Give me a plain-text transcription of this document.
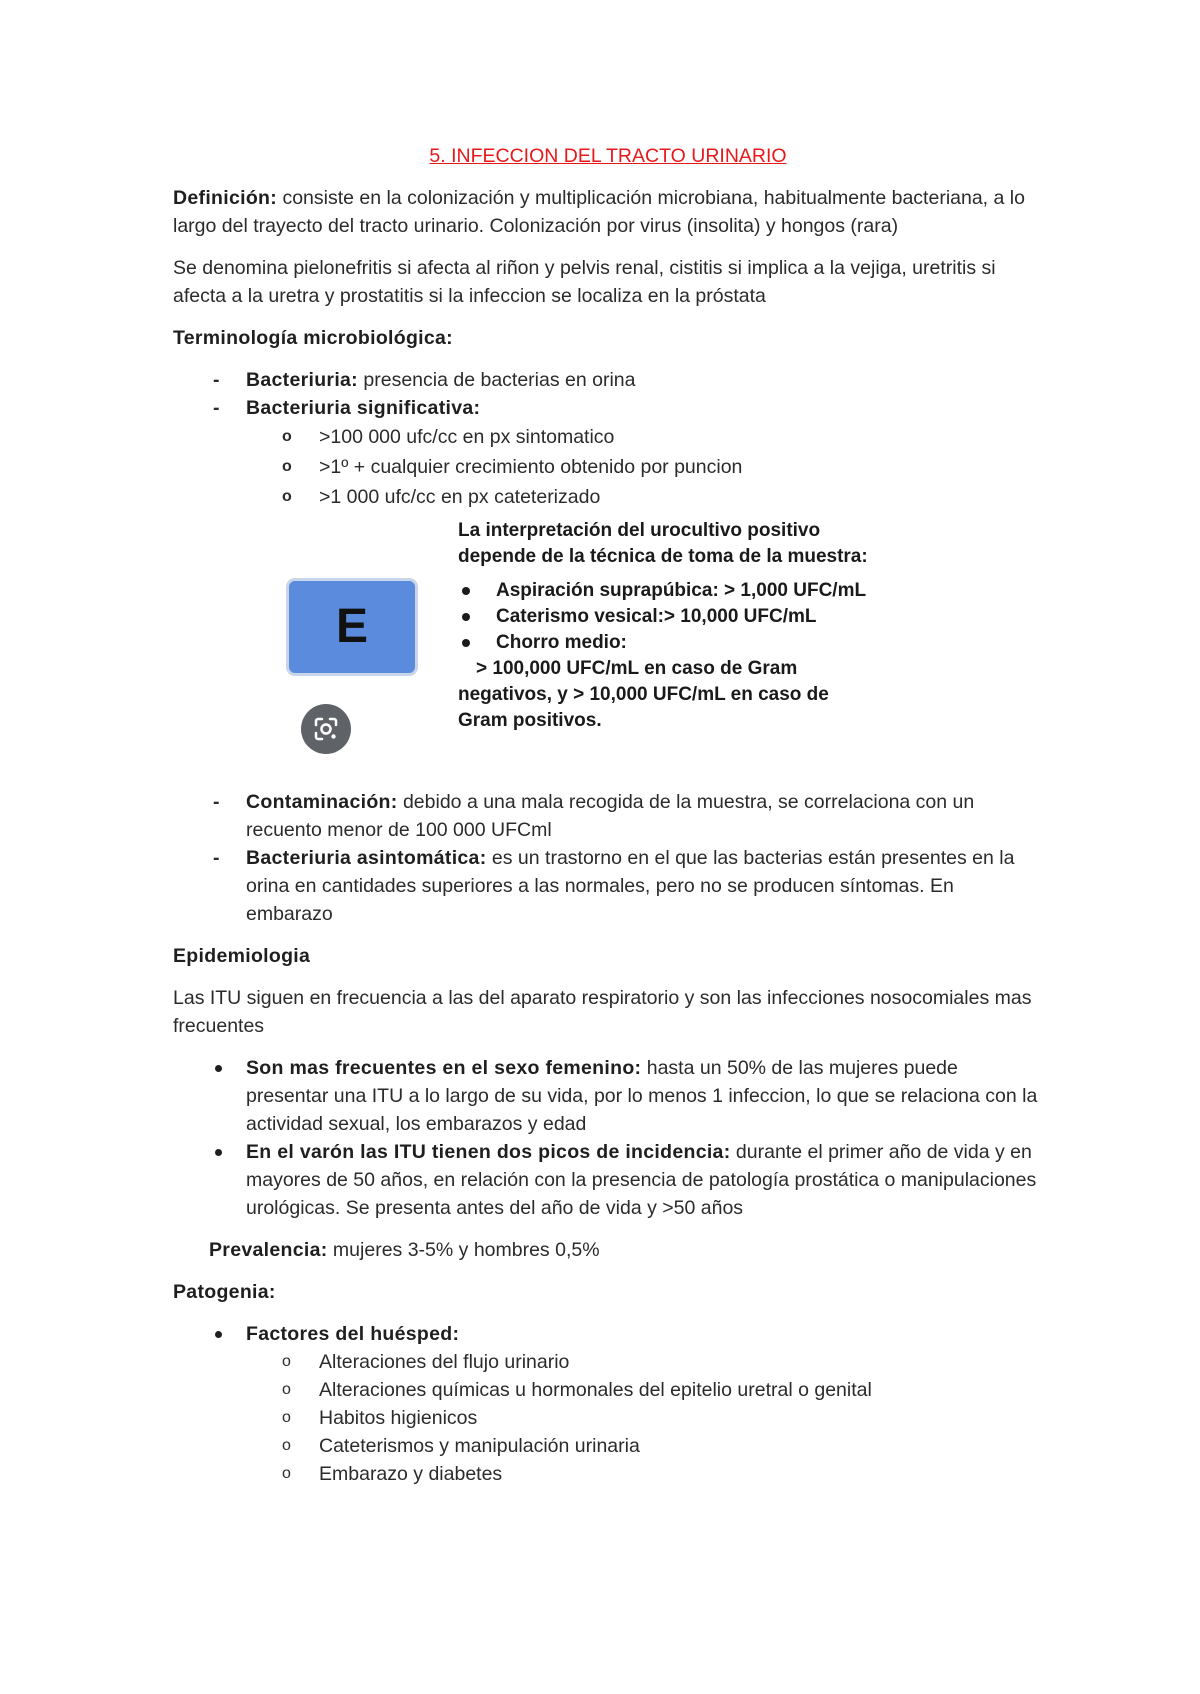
5. INFECCION DEL TRACTO URINARIO

Definición: consiste en la colonización y multiplicación microbiana, habitualmente bacteriana, a lo largo del trayecto del tracto urinario. Colonización por virus (insolita) y hongos (rara)

Se denomina pielonefritis si afecta al riñon y pelvis renal, cistitis si implica a la vejiga, uretritis si afecta a la uretra y prostatitis si la infeccion se localiza en la próstata

Terminología microbiológica:
- Bacteriuria: presencia de bacterias en orina
- Bacteriuria significativa:
o >100 000 ufc/cc en px sintomatico
o >1º + cualquier crecimiento obtenido por puncion
o >1 000 ufc/cc en px cateterizado
E
La interpretación del urocultivo positivo
depende de la técnica de toma de la muestra:
Aspiración suprapúbica: > 1,000 UFC/mL
Caterismo vesical:> 10,000 UFC/mL
Chorro medio:
> 100,000 UFC/mL en caso de Gram
negativos, y > 10,000 UFC/mL en caso de
Gram positivos.
- Contaminación: debido a una mala recogida de la muestra, se correlaciona con un recuento menor de 100 000 UFCml
- Bacteriuria asintomática: es un trastorno en el que las bacterias están presentes en la orina en cantidades superiores a las normales, pero no se producen síntomas. En embarazo
Epidemiologia

Las ITU siguen en frecuencia a las del aparato respiratorio y son las infecciones nosocomiales mas frecuentes

Son mas frecuentes en el sexo femenino: hasta un 50% de las mujeres puede presentar una ITU a lo largo de su vida, por lo menos 1 infeccion, lo que se relaciona con la actividad sexual, los embarazos y edad
En el varón las ITU tienen dos picos de incidencia: durante el primer año de vida y en mayores de 50 años, en relación con la presencia de patología prostática o manipulaciones urológicas. Se presenta antes del año de vida y >50 años

Prevalencia: mujeres 3-5% y hombres 0,5%

Patogenia:
Factores del huésped:
o Alteraciones del flujo urinario
o Alteraciones químicas u hormonales del epitelio uretral o genital
o Habitos higienicos
o Cateterismos y manipulación urinaria
o Embarazo y diabetes
